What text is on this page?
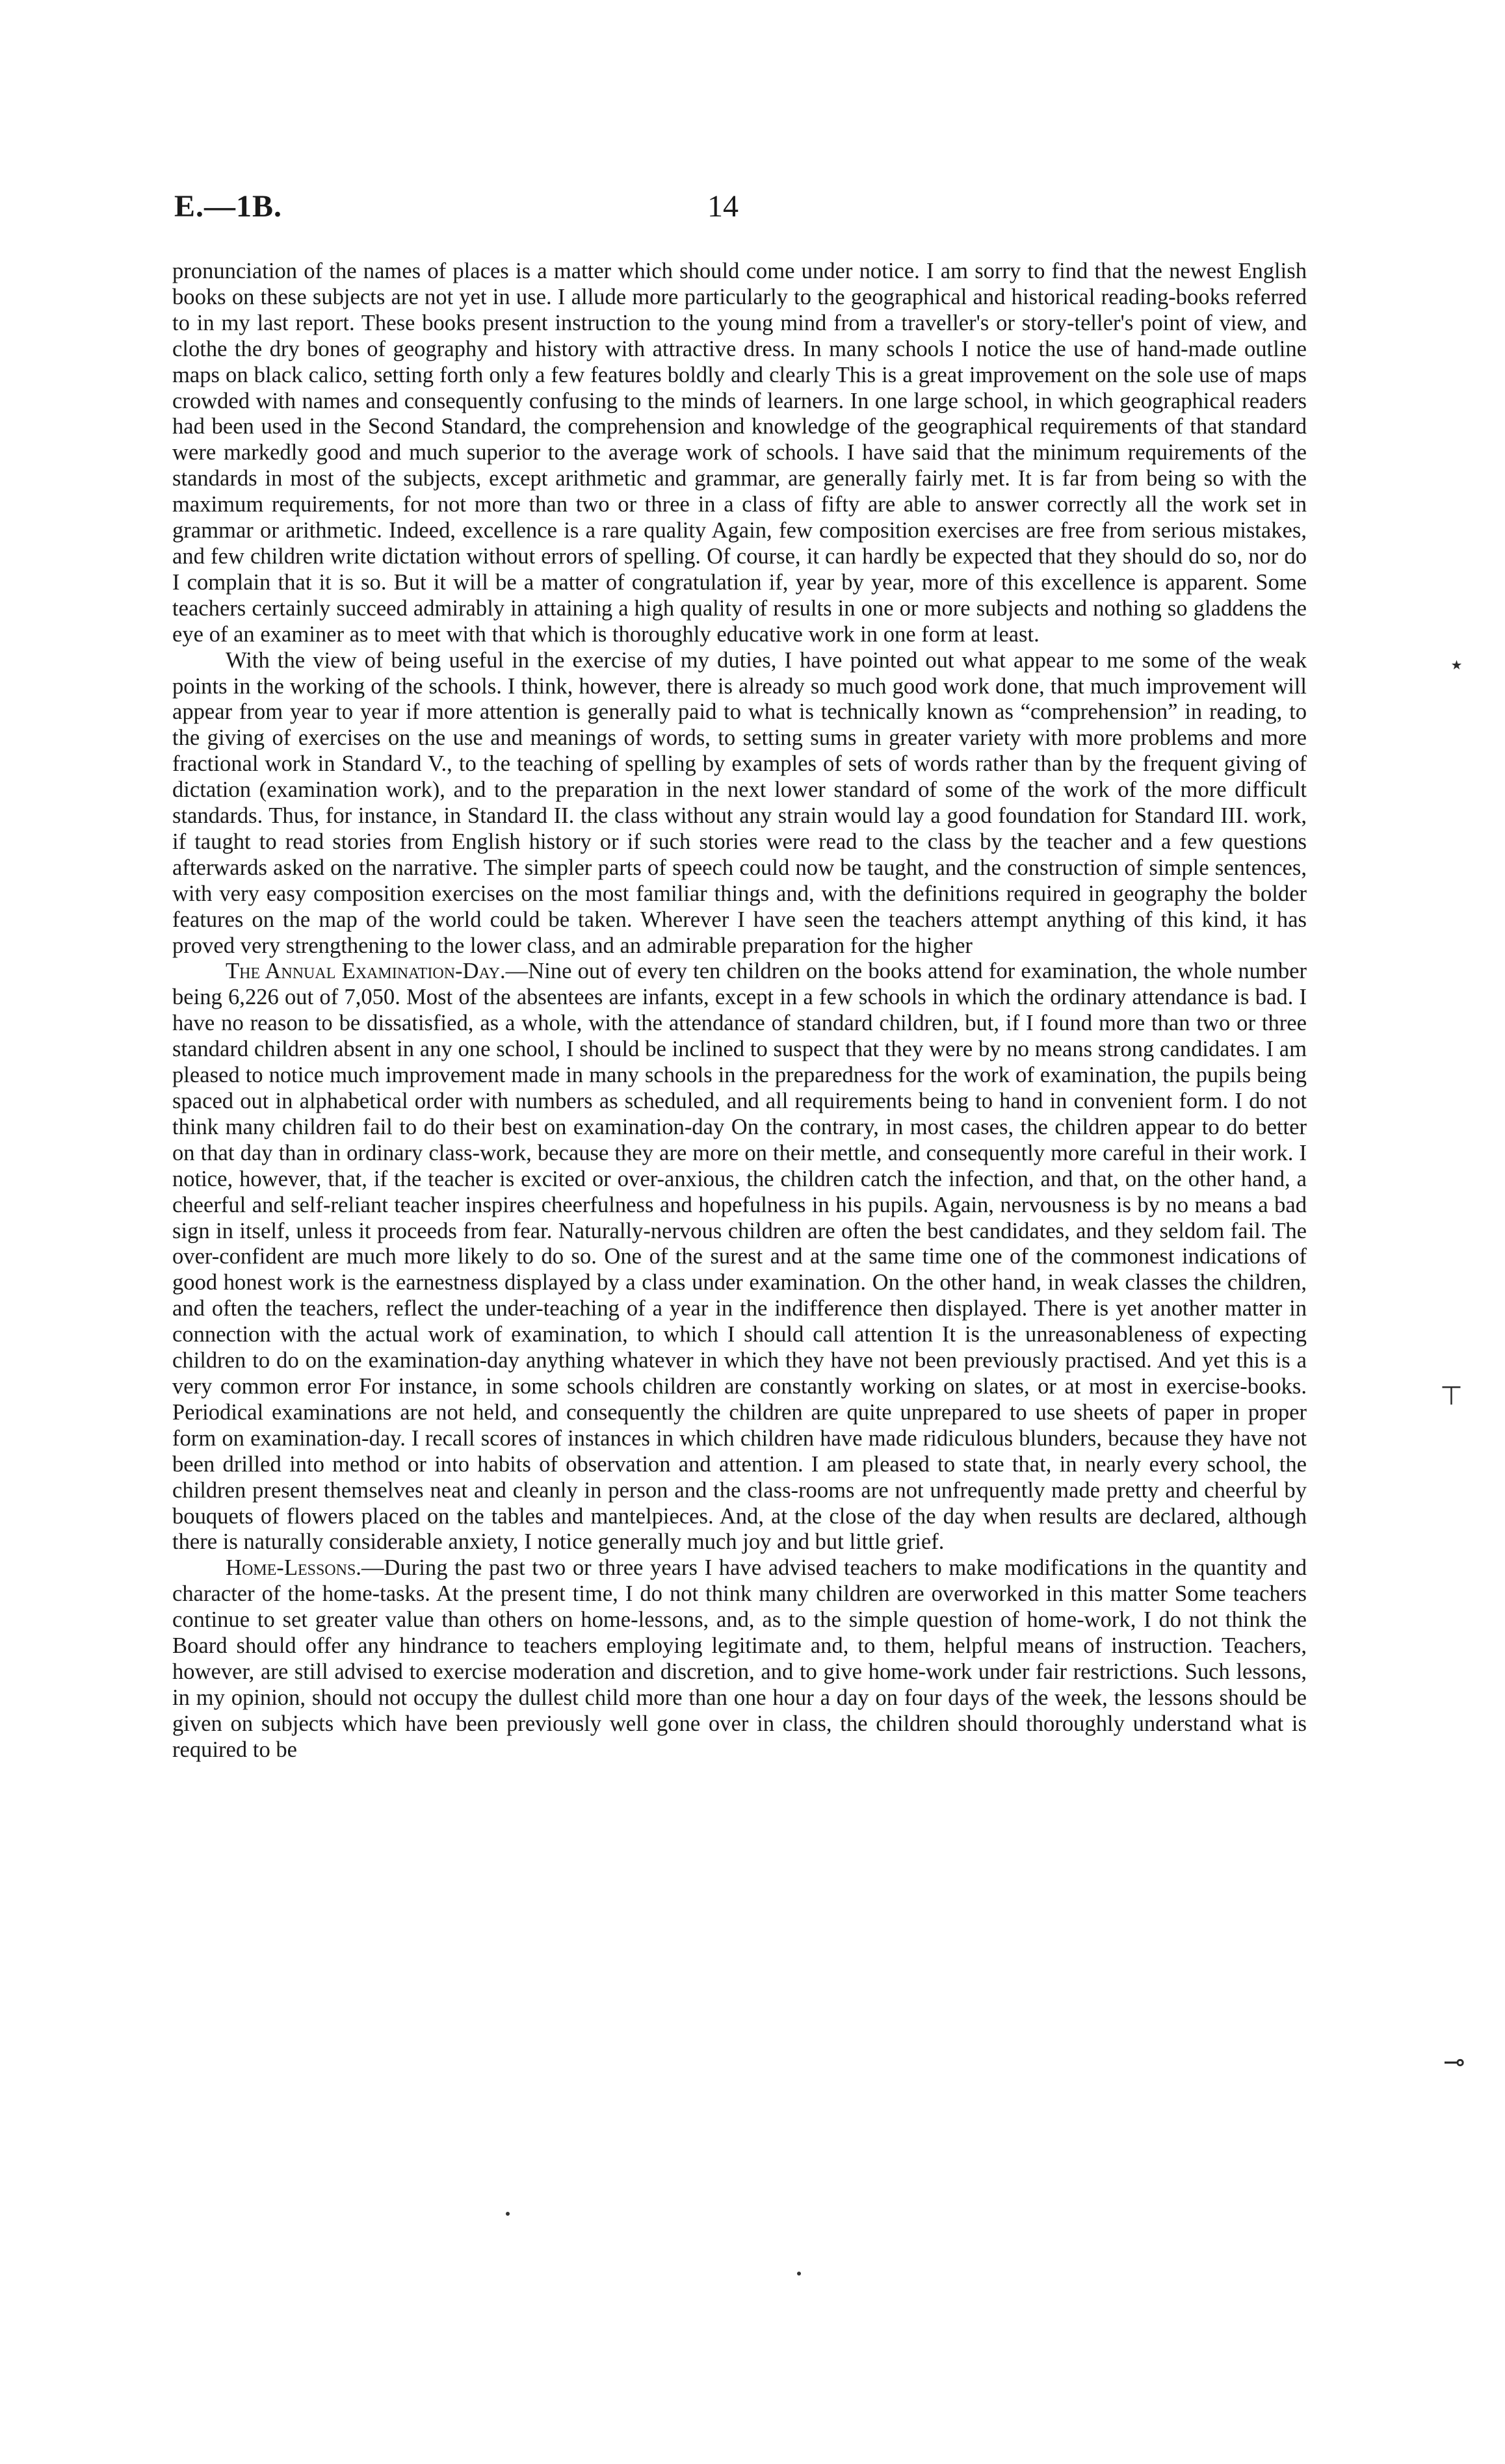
E.—1B.	14

pronunciation of the names of places is a matter which should come under notice. I am sorry to find that the newest English books on these subjects are not yet in use. I allude more particularly to the geographical and historical reading-books referred to in my last report. These books present instruction to the young mind from a traveller's or story-teller's point of view, and clothe the dry bones of geography and history with attractive dress. In many schools I notice the use of hand-made outline maps on black calico, setting forth only a few features boldly and clearly This is a great improvement on the sole use of maps crowded with names and consequently confusing to the minds of learners. In one large school, in which geographical readers had been used in the Second Standard, the comprehension and knowledge of the geographical requirements of that standard were markedly good and much superior to the average work of schools. I have said that the minimum requirements of the standards in most of the subjects, except arithmetic and grammar, are generally fairly met. It is far from being so with the maximum requirements, for not more than two or three in a class of fifty are able to answer correctly all the work set in grammar or arithmetic. Indeed, excellence is a rare quality Again, few composition exercises are free from serious mistakes, and few children write dictation without errors of spelling. Of course, it can hardly be expected that they should do so, nor do I complain that it is so. But it will be a matter of congratulation if, year by year, more of this excellence is apparent. Some teachers certainly succeed admirably in attaining a high quality of results in one or more subjects and nothing so gladdens the eye of an examiner as to meet with that which is thoroughly educative work in one form at least.

With the view of being useful in the exercise of my duties, I have pointed out what appear to me some of the weak points in the working of the schools. I think, however, there is already so much good work done, that much improvement will appear from year to year if more attention is generally paid to what is technically known as “comprehension” in reading, to the giving of exercises on the use and meanings of words, to setting sums in greater variety with more problems and more fractional work in Standard V., to the teaching of spelling by examples of sets of words rather than by the frequent giving of dictation (examination work), and to the preparation in the next lower standard of some of the work of the more difficult standards. Thus, for instance, in Standard II. the class without any strain would lay a good foundation for Standard III. work, if taught to read stories from English history or if such stories were read to the class by the teacher and a few questions afterwards asked on the narrative. The simpler parts of speech could now be taught, and the construction of simple sentences, with very easy composition exercises on the most familiar things and, with the definitions required in geography the bolder features on the map of the world could be taken. Wherever I have seen the teachers attempt anything of this kind, it has proved very strengthening to the lower class, and an admirable preparation for the higher

The Annual Examination-Day.—Nine out of every ten children on the books attend for examination, the whole number being 6,226 out of 7,050. Most of the absentees are infants, except in a few schools in which the ordinary attendance is bad. I have no reason to be dissatisfied, as a whole, with the attendance of standard children, but, if I found more than two or three standard children absent in any one school, I should be inclined to suspect that they were by no means strong candidates. I am pleased to notice much improvement made in many schools in the preparedness for the work of examination, the pupils being spaced out in alphabetical order with numbers as scheduled, and all requirements being to hand in convenient form. I do not think many children fail to do their best on examination-day On the contrary, in most cases, the children appear to do better on that day than in ordinary class-work, because they are more on their mettle, and consequently more careful in their work. I notice, however, that, if the teacher is excited or over-anxious, the children catch the infection, and that, on the other hand, a cheerful and self-reliant teacher inspires cheerfulness and hopefulness in his pupils. Again, nervousness is by no means a bad sign in itself, unless it proceeds from fear. Naturally-nervous children are often the best candidates, and they seldom fail. The over-confident are much more likely to do so. One of the surest and at the same time one of the commonest indications of good honest work is the earnestness displayed by a class under examination. On the other hand, in weak classes the children, and often the teachers, reflect the under-teaching of a year in the indifference then displayed. There is yet another matter in connection with the actual work of examination, to which I should call attention It is the unreasonableness of expecting children to do on the examination-day anything whatever in which they have not been previously practised. And yet this is a very common error For instance, in some schools children are constantly working on slates, or at most in exercise-books. Periodical examinations are not held, and consequently the children are quite unprepared to use sheets of paper in proper form on examination-day. I recall scores of instances in which children have made ridiculous blunders, because they have not been drilled into method or into habits of observation and attention. I am pleased to state that, in nearly every school, the children present themselves neat and cleanly in person and the class-rooms are not unfrequently made pretty and cheerful by bouquets of flowers placed on the tables and mantelpieces. And, at the close of the day when results are declared, although there is naturally considerable anxiety, I notice generally much joy and but little grief.

Home-Lessons.—During the past two or three years I have advised teachers to make modifications in the quantity and character of the home-tasks. At the present time, I do not think many children are overworked in this matter Some teachers continue to set greater value than others on home-lessons, and, as to the simple question of home-work, I do not think the Board should offer any hindrance to teachers employing legitimate and, to them, helpful means of instruction. Teachers, however, are still advised to exercise moderation and discretion, and to give home-work under fair restrictions. Such lessons, in my opinion, should not occupy the dullest child more than one hour a day on four days of the week, the lessons should be given on subjects which have been previously well gone over in class, the children should thoroughly understand what is required to be

⋆
⊤
⊸
